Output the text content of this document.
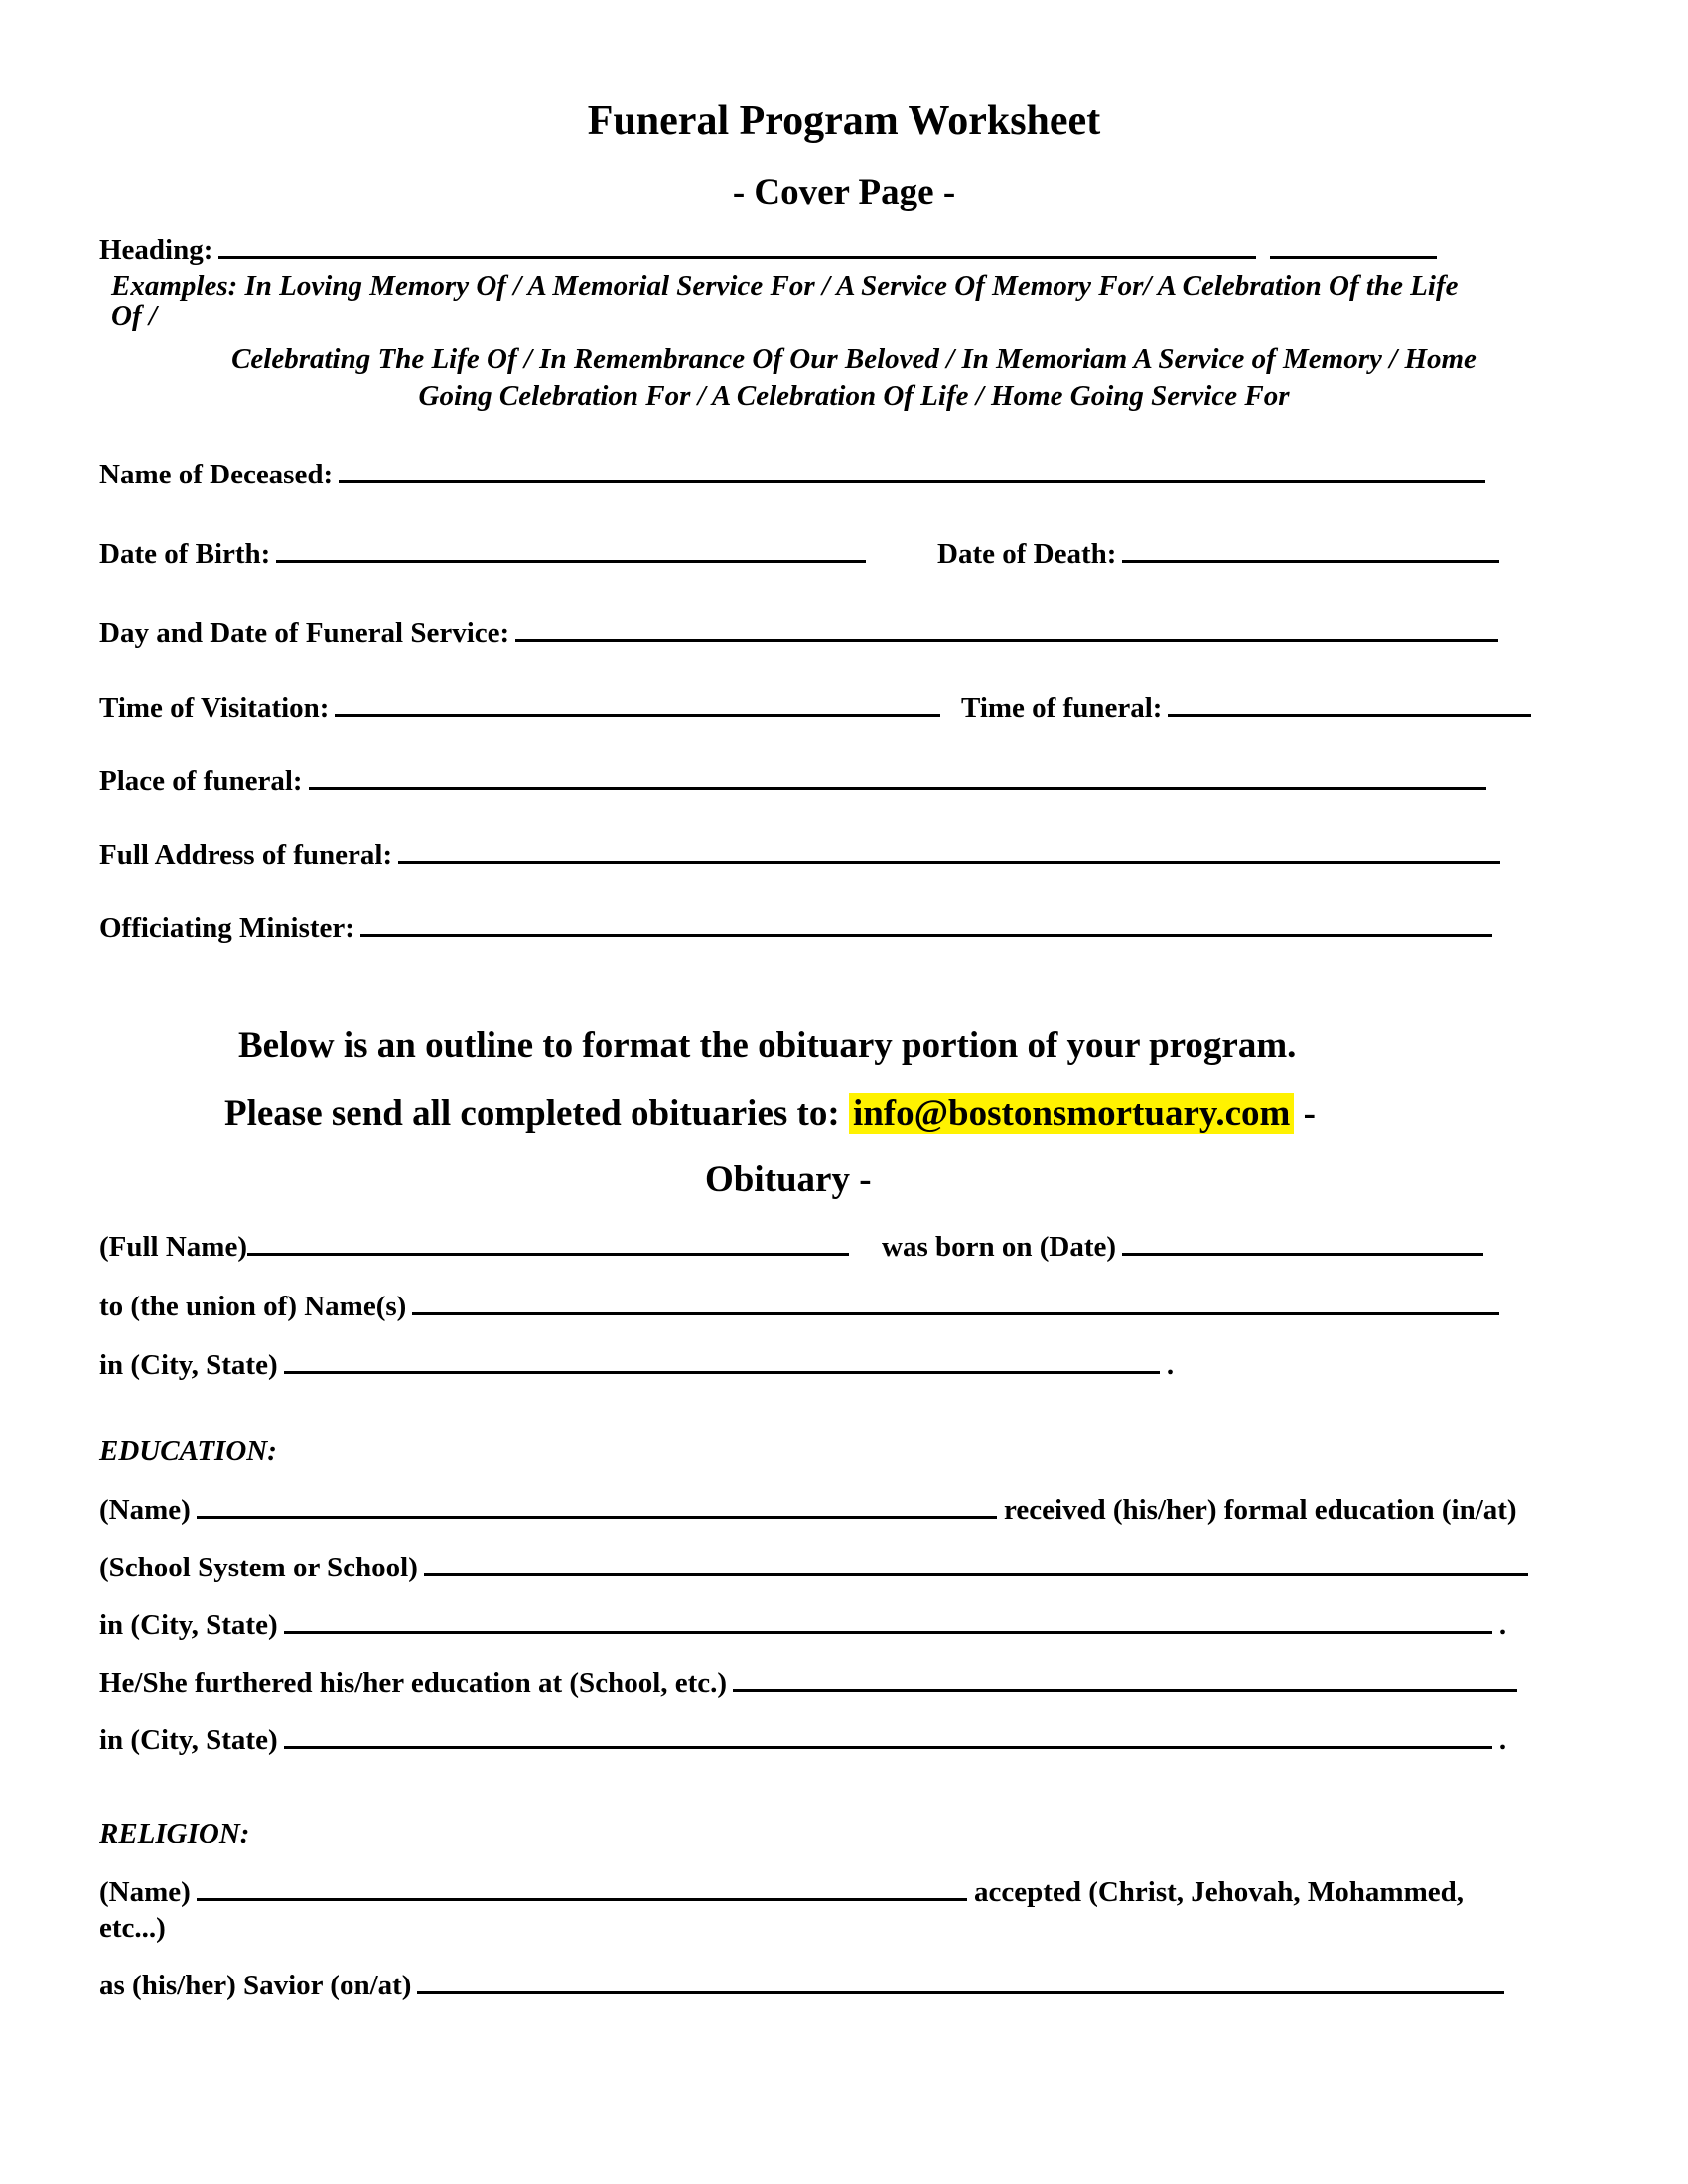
Funeral Program Worksheet
- Cover Page -
Heading:
Examples: In Loving Memory Of / A Memorial Service For / A Service Of Memory For/ A Celebration Of the Life
Of /
Celebrating The Life Of / In Remembrance Of Our Beloved / In Memoriam A Service of Memory / Home
Going Celebration For / A Celebration Of Life / Home Going Service For
Name of Deceased:
Date of Birth:	Date of Death:
Day and Date of Funeral Service:
Time of Visitation:	Time of funeral:
Place of funeral:
Full Address of funeral:
Officiating Minister:
Below is an outline to format the obituary portion of your program.
Please send all completed obituaries to: info@bostonsmortuary.com -
Obituary -
(Full Name)	was born on (Date)
to (the union of) Name(s)
in (City, State)	.
EDUCATION:
(Name)	received (his/her) formal education (in/at)
(School System or School)
in (City, State)	.
He/She furthered his/her education at (School, etc.)
in (City, State)	.
RELIGION:
(Name)	accepted (Christ, Jehovah, Mohammed,
etc...)
as (his/her) Savior (on/at)
